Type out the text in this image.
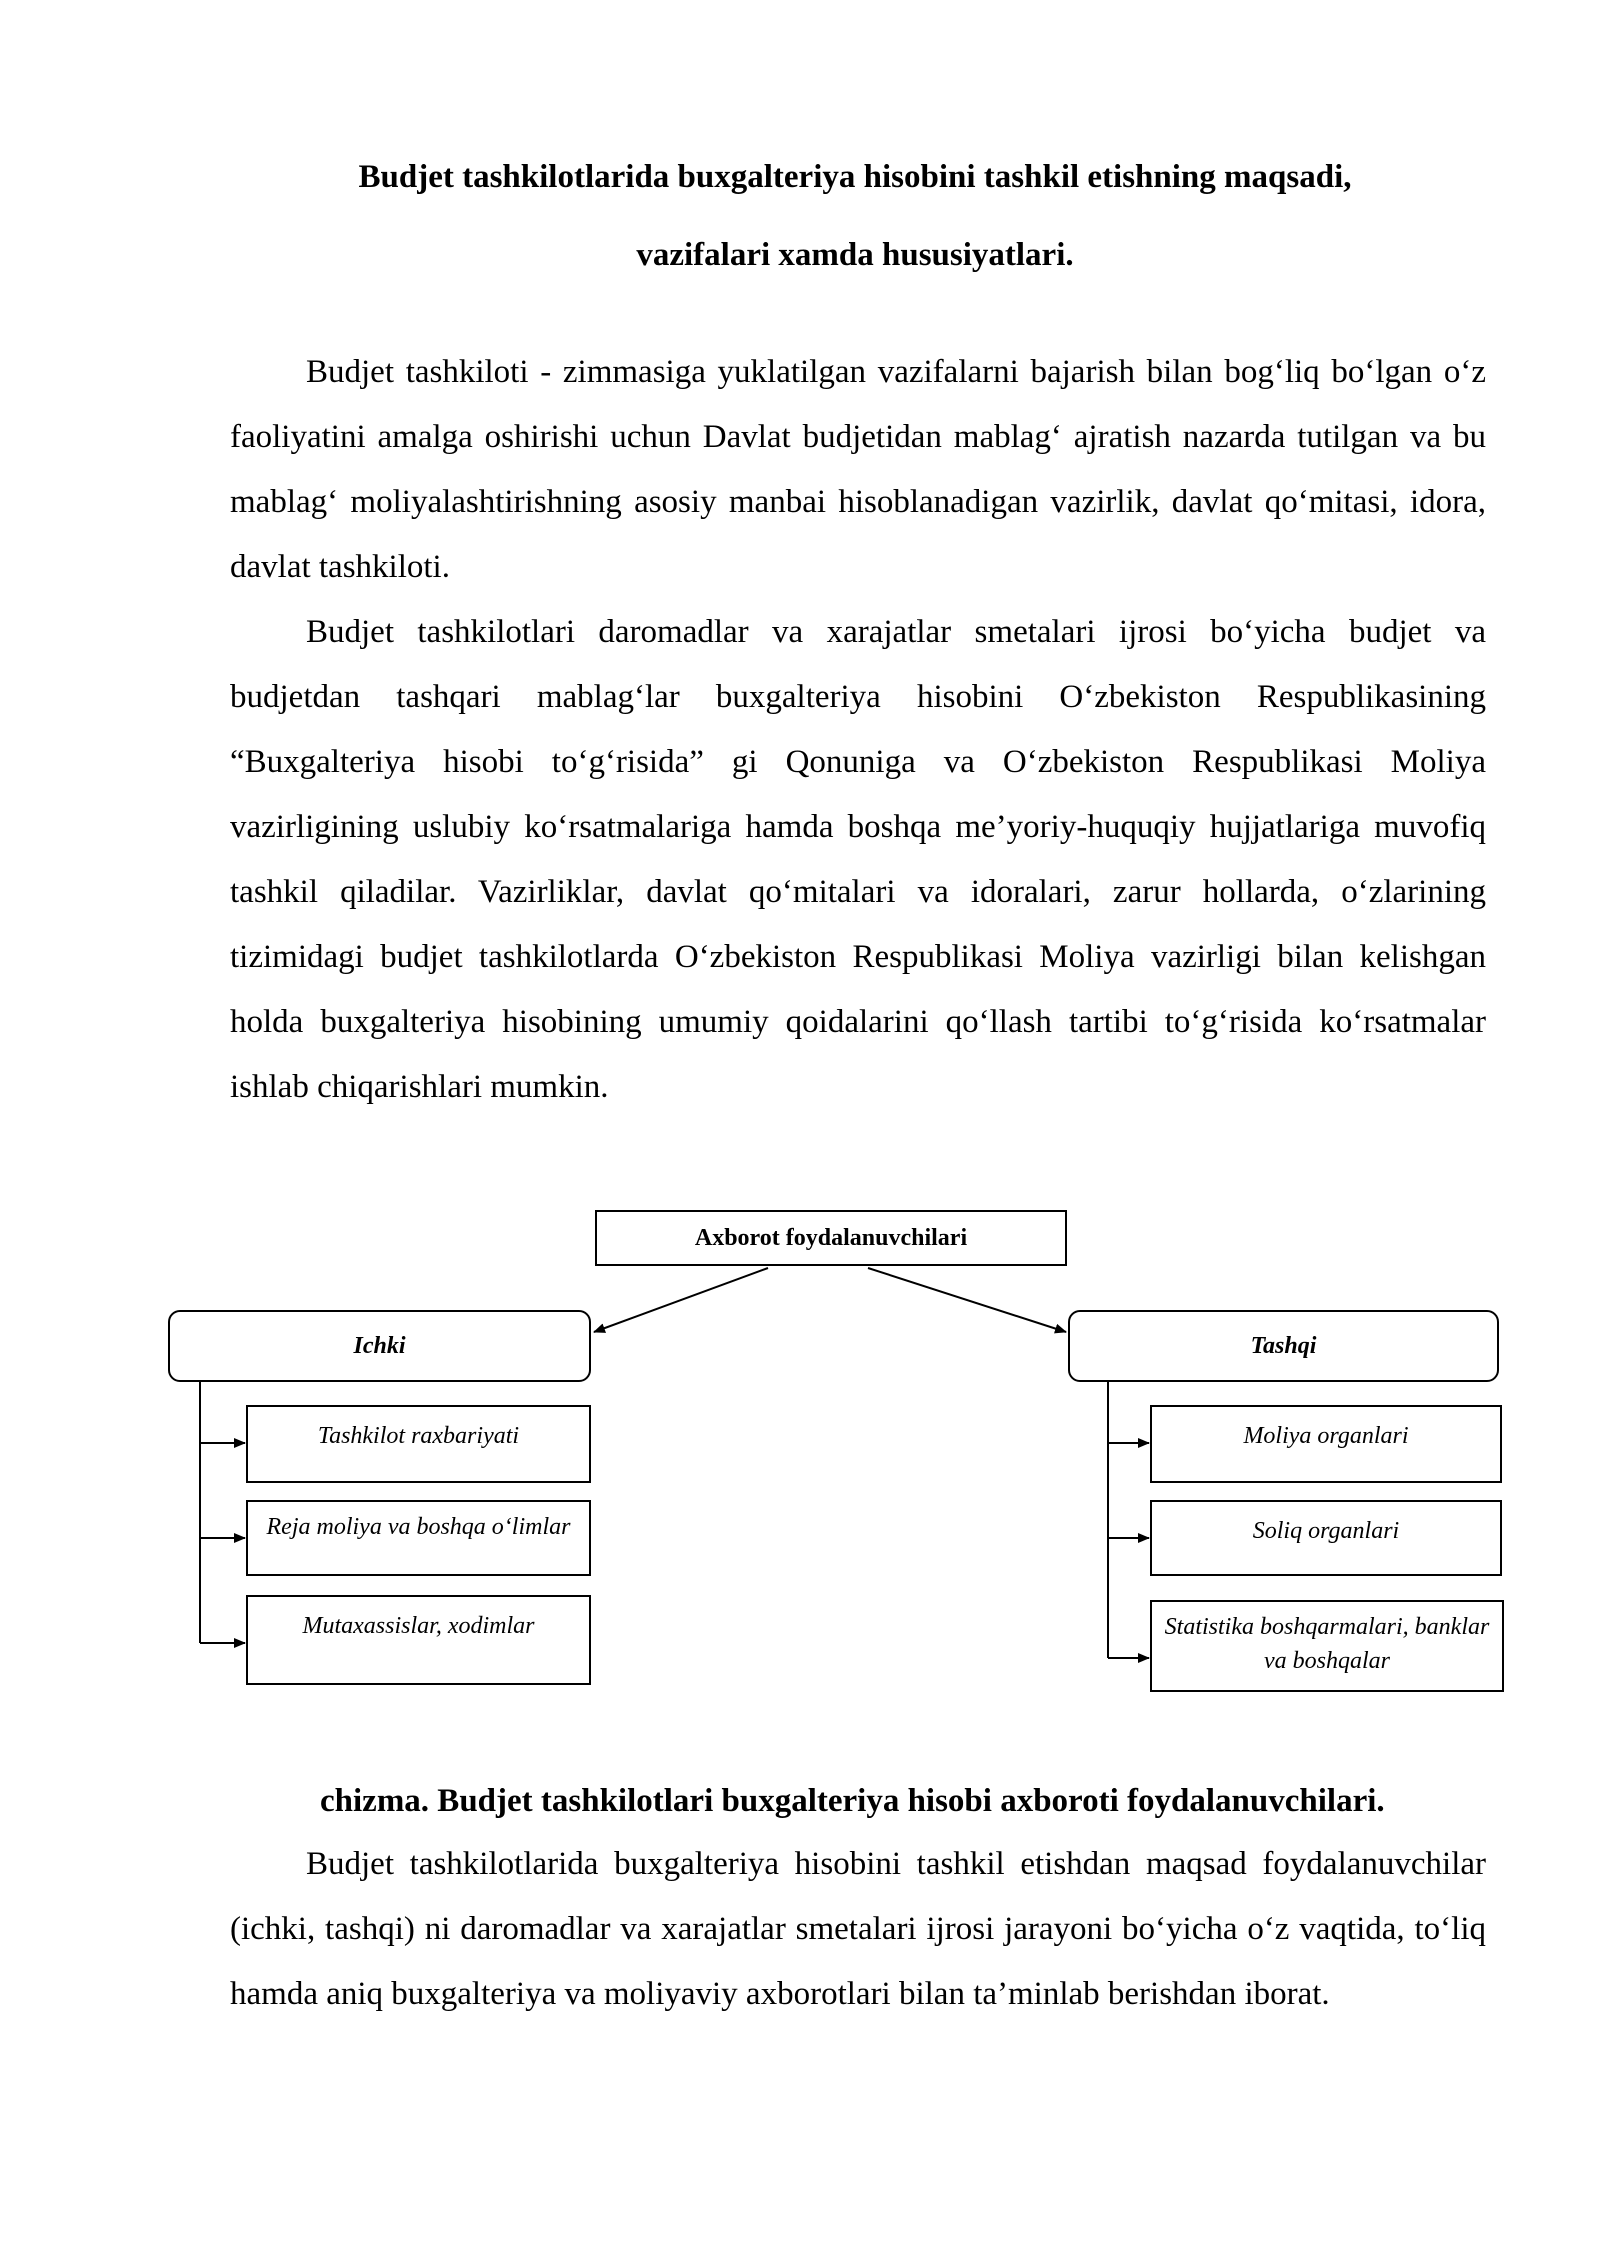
Budjet tashkilotlarida buxgalteriya hisobini tashkil etishning maqsadi,
vazifalari xamda hususiyatlari.

Budjet tashkiloti - zimmasiga yuklatilgan vazifalarni bajarish bilan bog‘liq bo‘lgan o‘z faoliyatini amalga oshirishi uchun Davlat budjetidan mablag‘ ajratish nazarda tutilgan va bu mablag‘ moliyalashtirishning asosiy manbai hisoblanadigan vazirlik, davlat qo‘mitasi, idora, davlat tashkiloti.

Budjet tashkilotlari daromadlar va xarajatlar smetalari ijrosi bo‘yicha budjet va budjetdan tashqari mablag‘lar buxgalteriya hisobini O‘zbekiston Respublikasining “Buxgalteriya hisobi to‘g‘risida” gi Qonuniga va O‘zbekiston Respublikasi Moliya vazirligining uslubiy ko‘rsatmalariga hamda boshqa me’yoriy-huquqiy hujjatlariga muvofiq tashkil qiladilar. Vazirliklar, davlat qo‘mitalari va idoralari, zarur hollarda, o‘zlarining tizimidagi budjet tashkilotlarda O‘zbekiston Respublikasi Moliya vazirligi bilan kelishgan holda buxgalteriya hisobining umumiy qoidalarini qo‘llash tartibi to‘g‘risida ko‘rsatmalar ishlab chiqarishlari mumkin.

Axborot foydalanuvchilari
Ichki	Tashqi
Tashkilot raxbariyati
Reja moliya va boshqa o‘limlar
Mutaxassislar, xodimlar
Moliya organlari
Soliq organlari
Statistika boshqarmalari, banklar va boshqalar

chizma. Budjet tashkilotlari buxgalteriya hisobi axboroti foydalanuvchilari.

Budjet tashkilotlarida buxgalteriya hisobini tashkil etishdan maqsad foydalanuvchilar (ichki, tashqi) ni daromadlar va xarajatlar smetalari ijrosi jarayoni bo‘yicha o‘z vaqtida, to‘liq hamda aniq buxgalteriya va moliyaviy axborotlari bilan ta’minlab berishdan iborat.
